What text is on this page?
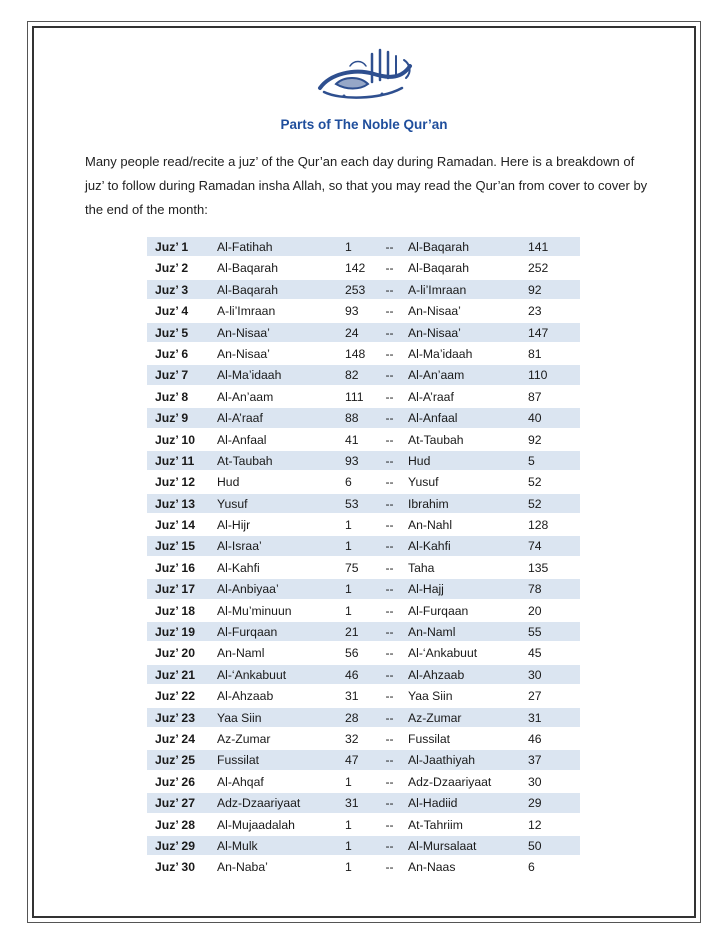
Parts of The Noble Qur’an
Many people read/recite a juz’ of the Qur’an each day during Ramadan. Here is a breakdown of juz’ to follow during Ramadan insha Allah, so that you may read the Qur’an from cover to cover by the end of the month:
Juz’ 1	Al-Fatihah	1	--	Al-Baqarah	141
Juz’ 2	Al-Baqarah	142	--	Al-Baqarah	252
Juz’ 3	Al-Baqarah	253	--	A-li’Imraan	92
Juz’ 4	A-li’Imraan	93	--	An-Nisaa’	23
Juz’ 5	An-Nisaa’	24	--	An-Nisaa’	147
Juz’ 6	An-Nisaa’	148	--	Al-Ma’idaah	81
Juz’ 7	Al-Ma’idaah	82	--	Al-An’aam	110
Juz’ 8	Al-An’aam	111	--	Al-A’raaf	87
Juz’ 9	Al-A’raaf	88	--	Al-Anfaal	40
Juz’ 10	Al-Anfaal	41	--	At-Taubah	92
Juz’ 11	At-Taubah	93	--	Hud	5
Juz’ 12	Hud	6	--	Yusuf	52
Juz’ 13	Yusuf	53	--	Ibrahim	52
Juz’ 14	Al-Hijr	1	--	An-Nahl	128
Juz’ 15	Al-Israa’	1	--	Al-Kahfi	74
Juz’ 16	Al-Kahfi	75	--	Taha	135
Juz’ 17	Al-Anbiyaa’	1	--	Al-Hajj	78
Juz’ 18	Al-Mu’minuun	1	--	Al-Furqaan	20
Juz’ 19	Al-Furqaan	21	--	An-Naml	55
Juz’ 20	An-Naml	56	--	Al-‘Ankabuut	45
Juz’ 21	Al-‘Ankabuut	46	--	Al-Ahzaab	30
Juz’ 22	Al-Ahzaab	31	--	Yaa Siin	27
Juz’ 23	Yaa Siin	28	--	Az-Zumar	31
Juz’ 24	Az-Zumar	32	--	Fussilat	46
Juz’ 25	Fussilat	47	--	Al-Jaathiyah	37
Juz’ 26	Al-Ahqaf	1	--	Adz-Dzaariyaat	30
Juz’ 27	Adz-Dzaariyaat	31	--	Al-Hadiid	29
Juz’ 28	Al-Mujaadalah	1	--	At-Tahriim	12
Juz’ 29	Al-Mulk	1	--	Al-Mursalaat	50
Juz’ 30	An-Naba’	1	--	An-Naas	6
